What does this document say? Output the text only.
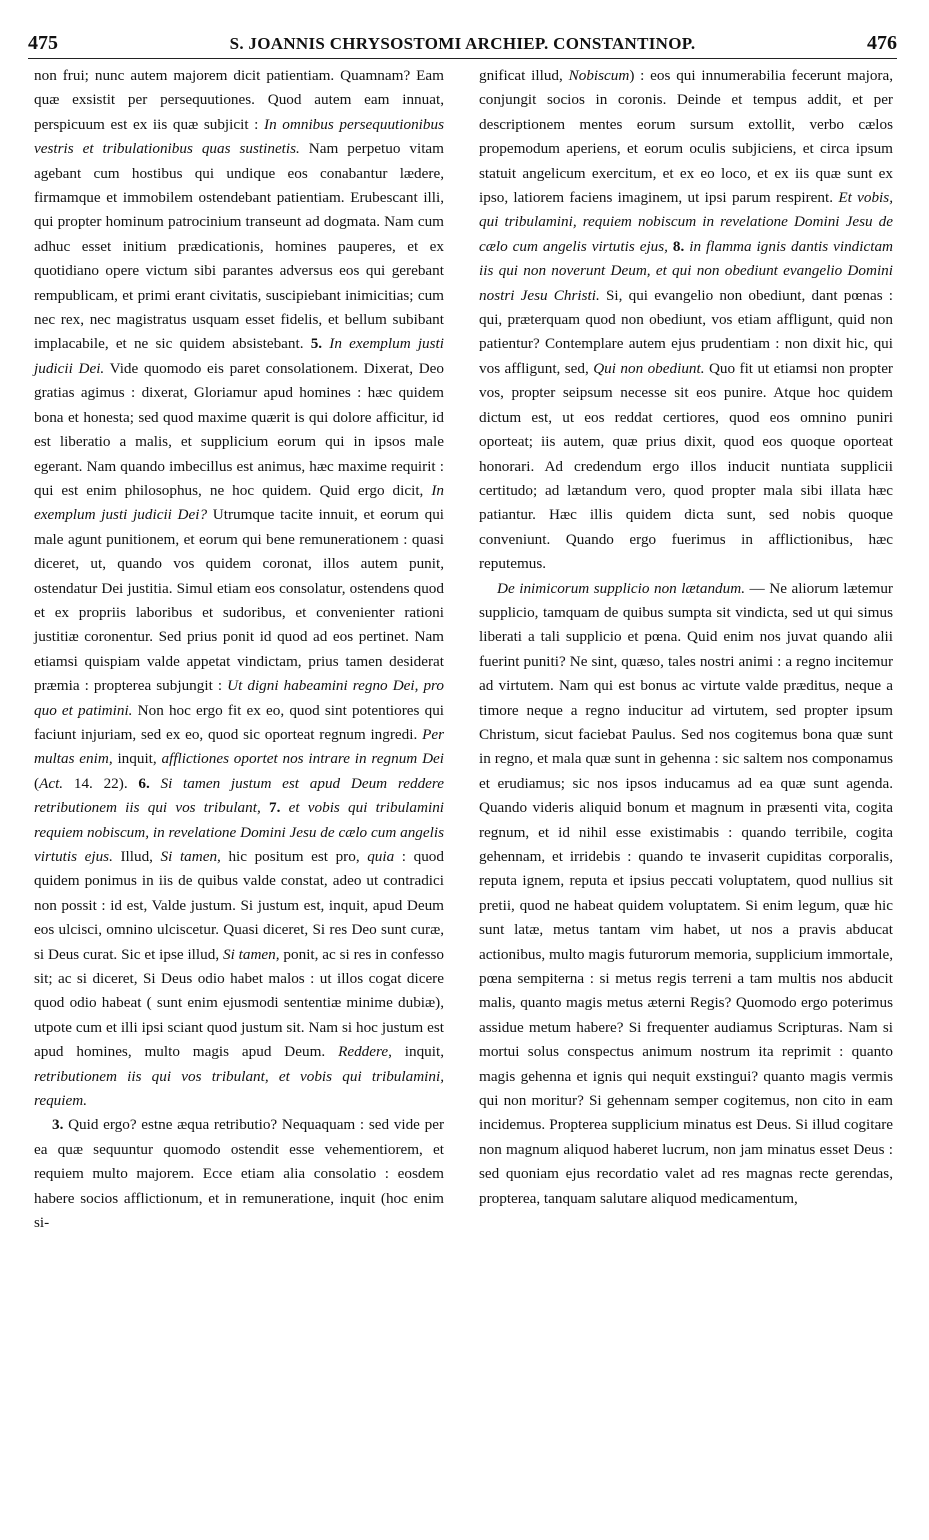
475	S. JOANNIS CHRYSOSTOMI ARCHIEP. CONSTANTINOP.	476

non frui; nunc autem majorem dicit patientiam. Quamnam? Eam quæ exsistit per persequutiones. Quod autem eam innuat, perspicuum est ex iis quæ subjicit : In omnibus persequutionibus vestris et tribulationibus quas sustinetis. Nam perpetuo vitam agebant cum hostibus qui undique eos conabantur lædere, firmamque et immobilem ostendebant patientiam. Erubescant illi, qui propter hominum patrocinium transeunt ad dogmata. Nam cum adhuc esset initium prædicationis, homines pauperes, et ex quotidiano opere victum sibi parantes adversus eos qui gerebant rempublicam, et primi erant civitatis, suscipiebant inimicitias; cum nec rex, nec magistratus usquam esset fidelis, et bellum subibant implacabile, et ne sic quidem absistebant. 5. In exemplum justi judicii Dei. Vide quomodo eis paret consolationem. Dixerat, Deo gratias agimus : dixerat, Gloriamur apud homines : hæc quidem bona et honesta; sed quod maxime quærit is qui dolore afficitur, id est liberatio a malis, et supplicium eorum qui in ipsos male egerant. Nam quando imbecillus est animus, hæc maxime requirit : qui est enim philosophus, ne hoc quidem. Quid ergo dicit, In exemplum justi judicii Dei? Utrumque tacite innuit, et eorum qui male agunt punitionem, et eorum qui bene remunerationem : quasi diceret, ut, quando vos quidem coronat, illos autem punit, ostendatur Dei justitia. Simul etiam eos consolatur, ostendens quod et ex propriis laboribus et sudoribus, et convenienter rationi justitiæ coronentur. Sed prius ponit id quod ad eos pertinet. Nam etiamsi quispiam valde appetat vindictam, prius tamen desiderat præmia : propterea subjungit : Ut digni habeamini regno Dei, pro quo et patimini. Non hoc ergo fit ex eo, quod sint potentiores qui faciunt injuriam, sed ex eo, quod sic oporteat regnum ingredi. Per multas enim, inquit, afflictiones oportet nos intrare in regnum Dei (Act. 14. 22). 6. Si tamen justum est apud Deum reddere retributionem iis qui vos tribulant, 7. et vobis qui tribulamini requiem nobiscum, in revelatione Domini Jesu de cælo cum angelis virtutis ejus. Illud, Si tamen, hic positum est pro, quia : quod quidem ponimus in iis de quibus valde constat, adeo ut contradici non possit : id est, Valde justum. Si justum est, inquit, apud Deum eos ulcisci, omnino ulciscetur. Quasi diceret, Si res Deo sunt curæ, si Deus curat. Sic et ipse illud, Si tamen, ponit, ac si res in confesso sit; ac si diceret, Si Deus odio habet malos : ut illos cogat dicere quod odio habeat ( sunt enim ejusmodi sententiæ minime dubiæ), utpote cum et illi ipsi sciant quod justum sit. Nam si hoc justum est apud homines, multo magis apud Deum. Reddere, inquit, retributionem iis qui vos tribulant, et vobis qui tribulamini, requiem.

3. Quid ergo? estne æqua retributio? Nequaquam : sed vide per ea quæ sequuntur quomodo ostendit esse vehementiorem, et requiem multo majorem. Ecce etiam alia consolatio : eosdem habere socios afflictionum, et in remuneratione, inquit (hoc enim si-

gnificat illud, Nobiscum) : eos qui innumerabilia fecerunt majora, conjungit socios in coronis. Deinde et tempus addit, et per descriptionem mentes eorum sursum extollit, verbo cælos propemodum aperiens, et eorum oculis subjiciens, et circa ipsum statuit angelicum exercitum, et ex eo loco, et ex iis quæ sunt ex ipso, latiorem faciens imaginem, ut ipsi parum respirent. Et vobis, qui tribulamini, requiem nobiscum in revelatione Domini Jesu de cælo cum angelis virtutis ejus, 8. in flamma ignis dantis vindictam iis qui non noverunt Deum, et qui non obediunt evangelio Domini nostri Jesu Christi. Si, qui evangelio non obediunt, dant pœnas : qui, præterquam quod non obediunt, vos etiam affligunt, quid non patientur? Contemplare autem ejus prudentiam : non dixit hic, qui vos affligunt, sed, Qui non obediunt. Quo fit ut etiamsi non propter vos, propter seipsum necesse sit eos punire. Atque hoc quidem dictum est, ut eos reddat certiores, quod eos omnino puniri oporteat; iis autem, quæ prius dixit, quod eos quoque oporteat honorari. Ad credendum ergo illos inducit nuntiata supplicii certitudo; ad lætandum vero, quod propter mala sibi illata hæc patiantur. Hæc illis quidem dicta sunt, sed nobis quoque conveniunt. Quando ergo fuerimus in afflictionibus, hæc reputemus.

De inimicorum supplicio non lætandum. — Ne aliorum lætemur supplicio, tamquam de quibus sumpta sit vindicta, sed ut qui simus liberati a tali supplicio et pœna. Quid enim nos juvat quando alii fuerint puniti? Ne sint, quæso, tales nostri animi : a regno incitemur ad virtutem. Nam qui est bonus ac virtute valde præditus, neque a timore neque a regno inducitur ad virtutem, sed propter ipsum Christum, sicut faciebat Paulus. Sed nos cogitemus bona quæ sunt in regno, et mala quæ sunt in gehenna : sic saltem nos componamus et erudiamus; sic nos ipsos inducamus ad ea quæ sunt agenda. Quando videris aliquid bonum et magnum in præsenti vita, cogita regnum, et id nihil esse existimabis : quando terribile, cogita gehennam, et irridebis : quando te invaserit cupiditas corporalis, reputa ignem, reputa et ipsius peccati voluptatem, quod nullius sit pretii, quod ne habeat quidem voluptatem. Si enim legum, quæ hic sunt latæ, metus tantam vim habet, ut nos a pravis abducat actionibus, multo magis futurorum memoria, supplicium immortale, pœna sempiterna : si metus regis terreni a tam multis nos abducit malis, quanto magis metus æterni Regis? Quomodo ergo poterimus assidue metum habere? Si frequenter audiamus Scripturas. Nam si mortui solus conspectus animum nostrum ita reprimit : quanto magis gehenna et ignis qui nequit exstingui? quanto magis vermis qui non moritur? Si gehennam semper cogitemus, non cito in eam incidemus. Propterea supplicium minatus est Deus. Si illud cogitare non magnum aliquod haberet lucrum, non jam minatus esset Deus : sed quoniam ejus recordatio valet ad res magnas recte gerendas, propterea, tanquam salutare aliquod medicamentum,
